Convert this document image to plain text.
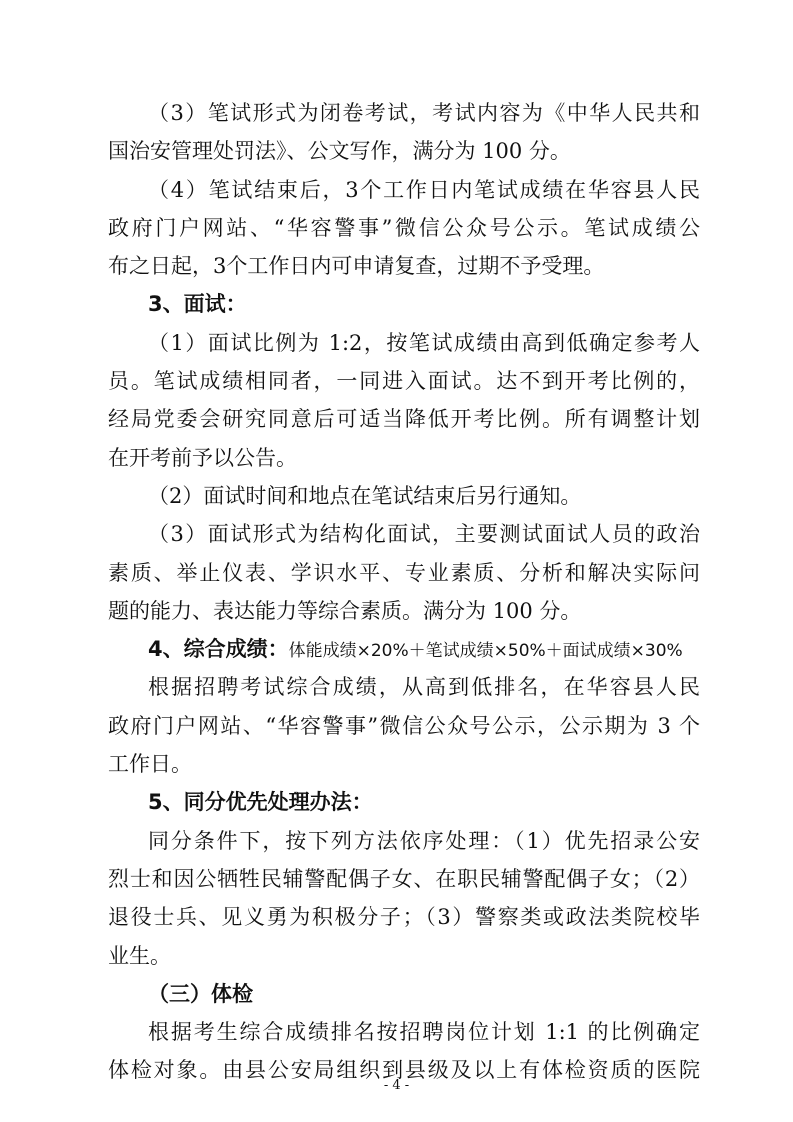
（3）笔试形式为闭卷考试，考试内容为《中华人民共和
国治安管理处罚法》、公文写作，满分为 100 分。
（4）笔试结束后，3个工作日内笔试成绩在华容县人民
政府门户网站、“华容警事”微信公众号公示。笔试成绩公
布之日起，3个工作日内可申请复查，过期不予受理。
3、面试：
（1）面试比例为 1:2，按笔试成绩由高到低确定参考人
员。笔试成绩相同者，一同进入面试。达不到开考比例的，
经局党委会研究同意后可适当降低开考比例。所有调整计划
在开考前予以公告。
（2）面试时间和地点在笔试结束后另行通知。
（3）面试形式为结构化面试，主要测试面试人员的政治
素质、举止仪表、学识水平、专业素质、分析和解决实际问
题的能力、表达能力等综合素质。满分为 100 分。
4、综合成绩：体能成绩×20%＋笔试成绩×50%＋面试成绩×30%
根据招聘考试综合成绩，从高到低排名，在华容县人民
政府门户网站、“华容警事”微信公众号公示，公示期为 3 个
工作日。
5、同分优先处理办法：
同分条件下，按下列方法依序处理：（1）优先招录公安
烈士和因公牺牲民辅警配偶子女、在职民辅警配偶子女；（2）
退役士兵、见义勇为积极分子；（3）警察类或政法类院校毕
业生。
（三）体检
根据考生综合成绩排名按招聘岗位计划 1:1 的比例确定
体检对象。由县公安局组织到县级及以上有体检资质的医院
- 4 -
